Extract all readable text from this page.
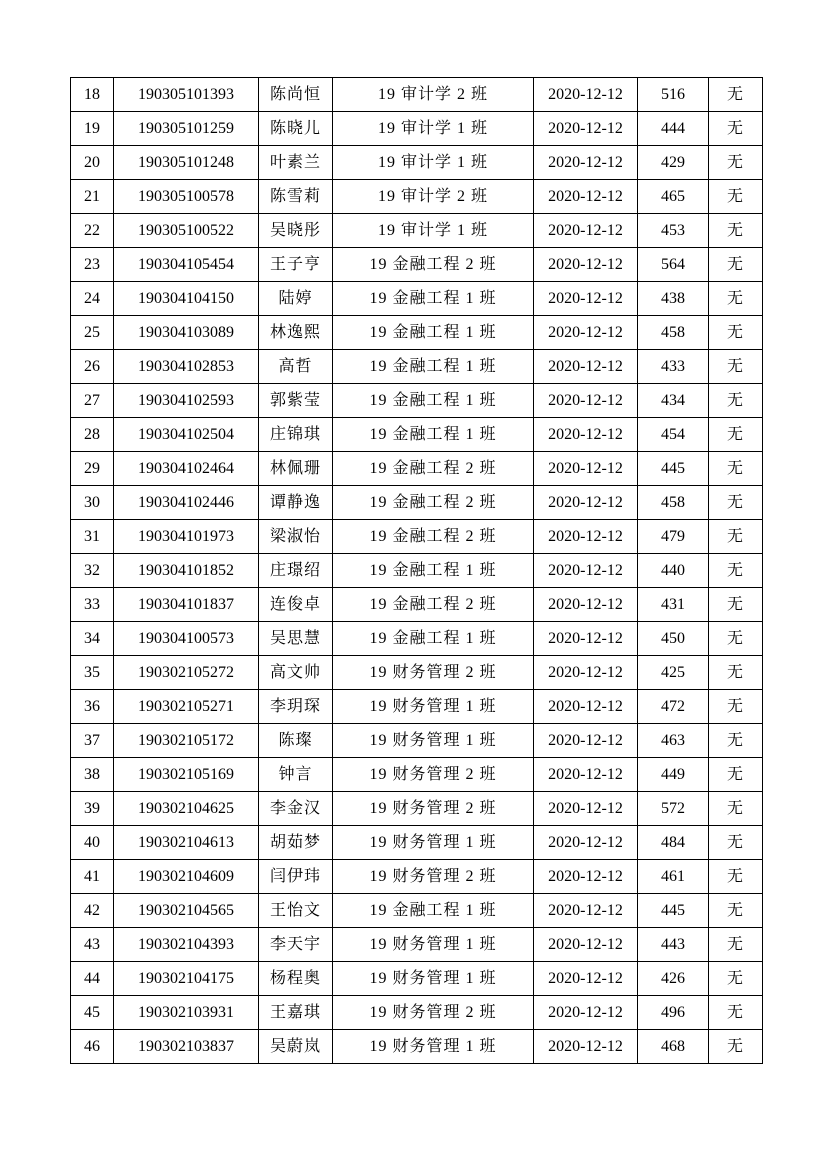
18	190305101393	陈尚恒	19 审计学 2 班	2020-12-12	516	无
19	190305101259	陈晓儿	19 审计学 1 班	2020-12-12	444	无
20	190305101248	叶素兰	19 审计学 1 班	2020-12-12	429	无
21	190305100578	陈雪莉	19 审计学 2 班	2020-12-12	465	无
22	190305100522	吴晓彤	19 审计学 1 班	2020-12-12	453	无
23	190304105454	王子亨	19 金融工程 2 班	2020-12-12	564	无
24	190304104150	陆婷	19 金融工程 1 班	2020-12-12	438	无
25	190304103089	林逸熙	19 金融工程 1 班	2020-12-12	458	无
26	190304102853	高哲	19 金融工程 1 班	2020-12-12	433	无
27	190304102593	郭紫莹	19 金融工程 1 班	2020-12-12	434	无
28	190304102504	庄锦琪	19 金融工程 1 班	2020-12-12	454	无
29	190304102464	林佩珊	19 金融工程 2 班	2020-12-12	445	无
30	190304102446	谭静逸	19 金融工程 2 班	2020-12-12	458	无
31	190304101973	梁淑怡	19 金融工程 2 班	2020-12-12	479	无
32	190304101852	庄璟绍	19 金融工程 1 班	2020-12-12	440	无
33	190304101837	连俊卓	19 金融工程 2 班	2020-12-12	431	无
34	190304100573	吴思慧	19 金融工程 1 班	2020-12-12	450	无
35	190302105272	高文帅	19 财务管理 2 班	2020-12-12	425	无
36	190302105271	李玥琛	19 财务管理 1 班	2020-12-12	472	无
37	190302105172	陈璨	19 财务管理 1 班	2020-12-12	463	无
38	190302105169	钟言	19 财务管理 2 班	2020-12-12	449	无
39	190302104625	李金汉	19 财务管理 2 班	2020-12-12	572	无
40	190302104613	胡茹梦	19 财务管理 1 班	2020-12-12	484	无
41	190302104609	闫伊玮	19 财务管理 2 班	2020-12-12	461	无
42	190302104565	王怡文	19 金融工程 1 班	2020-12-12	445	无
43	190302104393	李天宇	19 财务管理 1 班	2020-12-12	443	无
44	190302104175	杨程奥	19 财务管理 1 班	2020-12-12	426	无
45	190302103931	王嘉琪	19 财务管理 2 班	2020-12-12	496	无
46	190302103837	吴蔚岚	19 财务管理 1 班	2020-12-12	468	无
